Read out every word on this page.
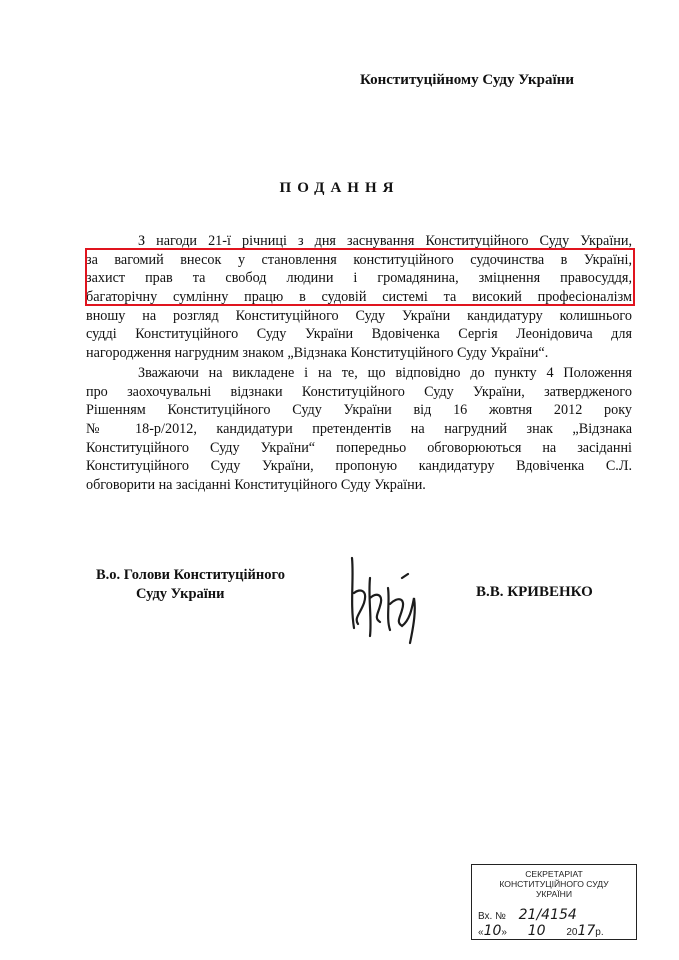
Конституційному Суду України
ПОДАННЯ
З нагоди 21-ї річниці з дня заснування Конституційного Суду України,
за вагомий внесок у становлення конституційного судочинства в Україні,
захист прав та свобод людини і громадянина, зміцнення правосуддя,
багаторічну сумлінну працю в судовій системі та високий професіоналізм
вношу на розгляд Конституційного Суду України кандидатуру колишнього
судді Конституційного Суду України Вдовіченка Сергія Леонідовича для
нагородження нагрудним знаком „Відзнака Конституційного Суду України“.
Зважаючи на викладене і на те, що відповідно до пункту 4 Положення
про заохочувальні відзнаки Конституційного Суду України, затвердженого
Рішенням Конституційного Суду України від 16 жовтня 2012 року
№ 18-р/2012, кандидатури претендентів на нагрудний знак „Відзнака
Конституційного Суду України“ попередньо обговорюються на засіданні
Конституційного Суду України, пропоную кандидатуру Вдовіченка С.Л.
обговорити на засіданні Конституційного Суду України.
В.о. Голови Конституційного
Суду України	В.В. КРИВЕНКО
СЕКРЕТАРІАТ
КОНСТИТУЦІЙНОГО СУДУ
УКРАЇНИ
Вх. № 21/4154
«10» 10 2017р.
